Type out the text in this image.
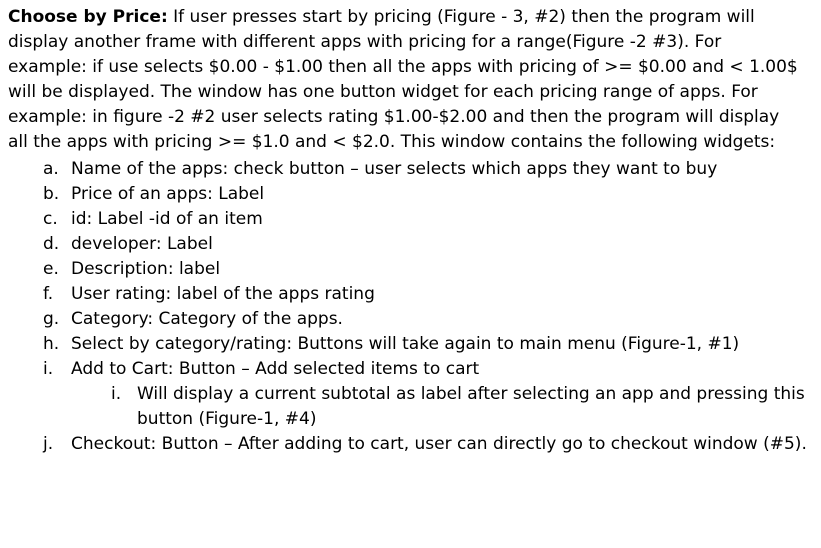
Choose by Price: If user presses start by pricing (Figure - 3, #2) then the program will display another frame with different apps with pricing for a range(Figure -2 #3). For example: if use selects $0.00 - $1.00 then all the apps with pricing of >= $0.00 and < 1.00$ will be displayed. The window has one button widget for each pricing range of apps. For example: in figure -2 #2 user selects rating $1.00-$2.00 and then the program will display all the apps with pricing >= $1.0 and < $2.0. This window contains the following widgets:

a. Name of the apps: check button – user selects which apps they want to buy
b. Price of an apps: Label
c. id: Label -id of an item
d. developer: Label
e. Description: label
f.	User rating: label of the apps rating
g. Category: Category of the apps.
h. Select by category/rating: Buttons will take again to main menu (Figure-1, #1)
i.	Add to Cart: Button – Add selected items to cart
i. Will display a current subtotal as label after selecting an app and pressing this button (Figure-1, #4)
j.	Checkout: Button – After adding to cart, user can directly go to checkout window (#5).
